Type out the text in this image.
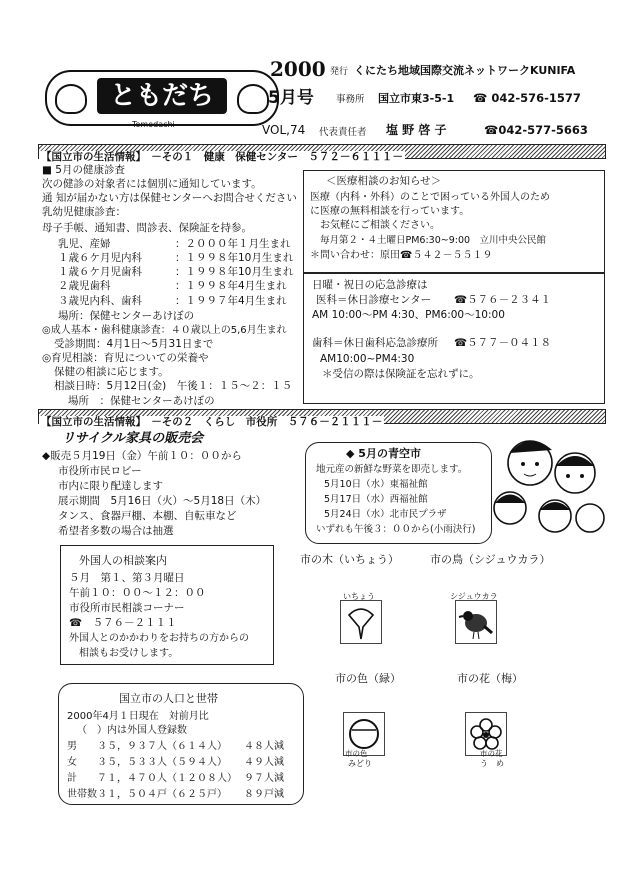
ともだち
Tomodachi
2000 発行 くにたち地域国際交流ネットワークKUNIFA
5月号 事務所 国立市東3-5-1 ☎ 042-576-1577
VOL,74 代表責任者 塩 野 啓 子	☎042-577-5663
【国立市の生活情報】　－その１　健康　保健センター　５７２－６１１１－
■ 5月の健康診査
次の健診の対象者には個別に通知しています。
通 知が届かない方は保健センターへお問合せください
乳幼児健康診査：
母子手帳、通知書、問診表、保険証を持参。
乳児、産婦	：２０００年１月生まれ
１歳６ケ月児内科	：１９９８年10月生まれ
１歳６ケ月児歯科	：１９９８年10月生まれ
２歳児歯科	：１９９８年4月生まれ
３歳児内科、歯科	：１９９７年4月生まれ
場所：保健センターあけぼの
◎成人基本・歯科健康診査：４０歳以上の5,6月生まれ
受診期間：4月1日～5月31日まで
◎育児相談：育児についての栄養や
保健の相談に応じます。
相談日時：5月12日(金)　午後１：１５～２：１５
場所　：保健センターあけぼの
＜医療相談のお知らせ＞
医療（内科・外科）のことで困っている外国人のため
に医療の無料相談を行っています。
お気軽にご相談ください。
毎月第２・４土曜日PM6:30~9:00　立川中央公民館
＊問い合わせ：原田☎５４２－５５１９
日曜・祝日の応急診療は
医科＝休日診療センター ☎５７６－２３４１
AM 10:00～PM 4:30、PM6:00～10:00
歯科＝休日歯科応急診療所 ☎５７７－０４１８
AM10:00~PM4:30
＊受信の際は保険証を忘れずに。
【国立市の生活情報】　－その２　くらし　市役所　５７６－２１１１－
リサイクル家具の販売会
◆販売５月19日（金）午前１０：００から
市役所市民ロビー
市内に限り配達します
展示期間　5月16日（火）～5月18日（木）
タンス、食器戸棚、本棚、自転車など
希望者多数の場合は抽選
◆ 5月の青空市
地元産の新鮮な野菜を即売します。
5月10日（水）東福祉館
5月17日（水）西福祉館
5月24日（水）北市民プラザ
いずれも午後３：００から(小雨決行)
外国人の相談案内
５月　第１、第３月曜日
午前１０：００～１２：００
市役所市民相談コーナー
☎　５７６－２１１１
外国人とのかかわりをお持ちの方からの
相談もお受けします。
国立市の人口と世帯
2000年4月１日現在　対前月比
（　）内は外国人登録数
男 ３５，９３７人（６１４人） ４８人減
女 ３５，５３３人（５９４人） ４９人減
計 ７１，４７０人（１２０８人） ９７人減
世帯数 ３１，５０４戸（６２５戸） ８９戸減
市の木（いちょう）	市の鳥（シジュウカラ）
いちょう	シジュウカラ
市の色（緑）	市の花（梅）
市の色
みどり
市の花
う　め
